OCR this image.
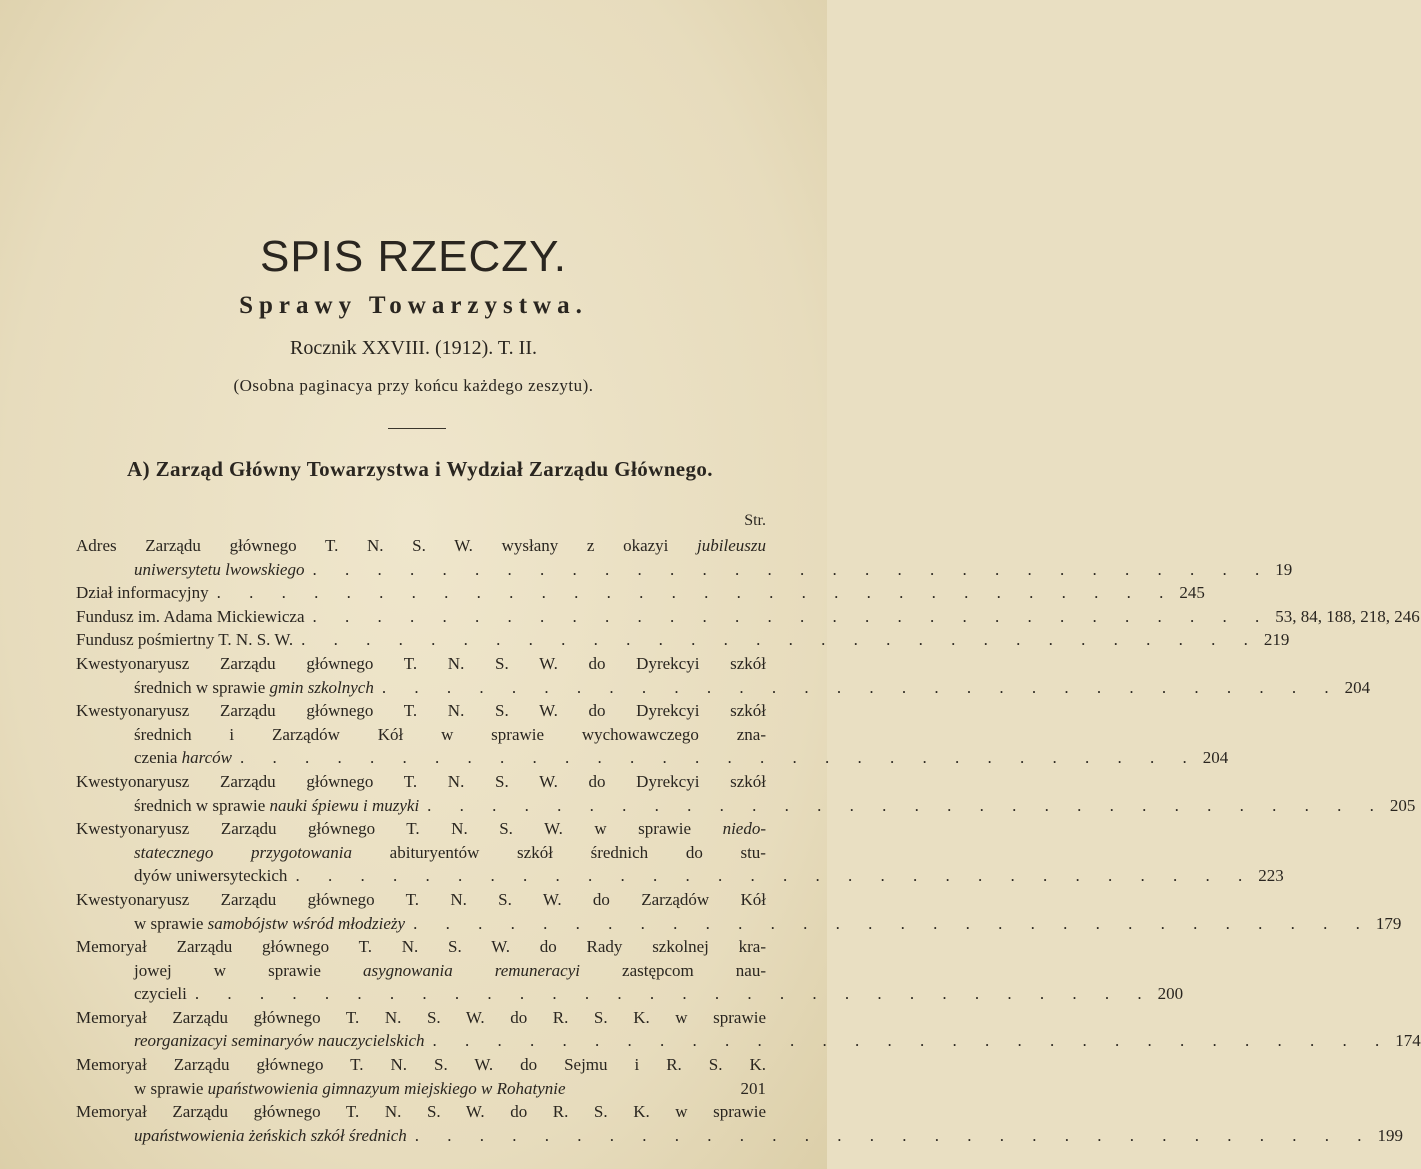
SPIS RZECZY.
Sprawy Towarzystwa.
Rocznik XXVIII. (1912). T. II.
(Osobna paginacya przy końcu każdego zeszytu).
A) Zarząd Główny Towarzystwa i Wydział Zarządu Głównego.
Str.
Adres Zarządu głównego T. N. S. W. wysłany z okazyi jubileuszu
uniwersytetu lwowskiego . . . . . . . . . . . . . . . . . . . . . . . . . . . . . . 19
Dział informacyjny . . . . . . . . . . . . . . . . . . . . . . . . . . . . . . 245
Fundusz im. Adama Mickiewicza . . . . . . . . . . . . . . . . . . . . . . . . . . . . . . 53, 84, 188, 218, 246
Fundusz pośmiertny T. N. S. W. . . . . . . . . . . . . . . . . . . . . . . . . . . . . . . 219
Kwestyonaryusz Zarządu głównego T. N. S. W. do Dyrekcyi szkół
średnich w sprawie gmin szkolnych . . . . . . . . . . . . . . . . . . . . . . . . . . . . . . 204
Kwestyonaryusz Zarządu głównego T. N. S. W. do Dyrekcyi szkół
średnich i Zarządów Kół w sprawie wychowawczego zna-
czenia harców . . . . . . . . . . . . . . . . . . . . . . . . . . . . . . 204
Kwestyonaryusz Zarządu głównego T. N. S. W. do Dyrekcyi szkół
średnich w sprawie nauki śpiewu i muzyki . . . . . . . . . . . . . . . . . . . . . . . . . . . . . . 205
Kwestyonaryusz Zarządu głównego T. N. S. W. w sprawie niedo-
statecznego przygotowania abituryentów szkół średnich do stu-
dyów uniwersyteckich . . . . . . . . . . . . . . . . . . . . . . . . . . . . . . 223
Kwestyonaryusz Zarządu głównego T. N. S. W. do Zarządów Kół
w sprawie samobójstw wśród młodzieży . . . . . . . . . . . . . . . . . . . . . . . . . . . . . . 179
Memoryał Zarządu głównego T. N. S. W. do Rady szkolnej kra-
jowej w sprawie asygnowania remuneracyi zastępcom nau-
czycieli . . . . . . . . . . . . . . . . . . . . . . . . . . . . . . 200
Memoryał Zarządu głównego T. N. S. W. do R. S. K. w sprawie
reorganizacyi seminaryów nauczycielskich . . . . . . . . . . . . . . . . . . . . . . . . . . . . . . 174
Memoryał Zarządu głównego T. N. S. W. do Sejmu i R. S. K.
w sprawie upaństwowienia gimnazyum miejskiego w Rohatynie	201
Memoryał Zarządu głównego T. N. S. W. do R. S. K. w sprawie
upaństwowienia żeńskich szkół średnich . . . . . . . . . . . . . . . . . . . . . . . . . . . . . . 199
